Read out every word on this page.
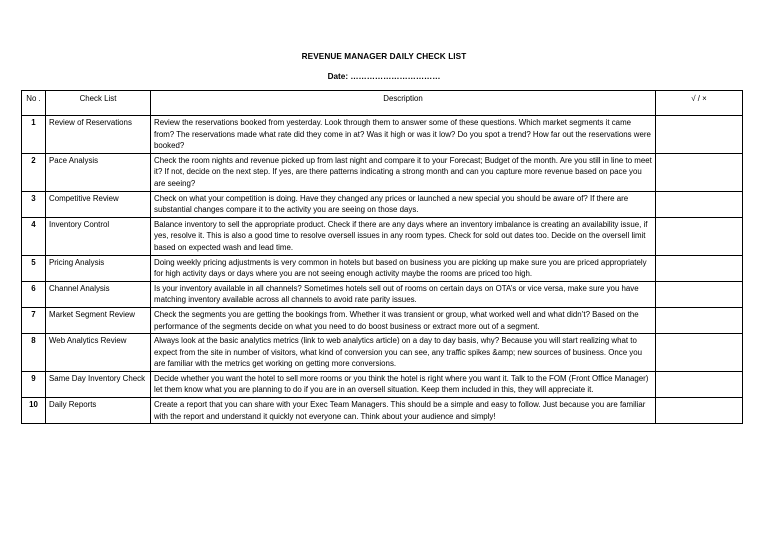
REVENUE MANAGER DAILY CHECK LIST
Date: ……………………………
No .	Check List	Description	√ / ×
1	Review of Reservations	Review the reservations booked from yesterday. Look through them to answer some of these questions. Which market segments it came from? The reservations made what rate did they come in at? Was it high or was it low? Do you spot a trend? How far out the reservations were booked?	
2	Pace Analysis	Check the room nights and revenue picked up from last night and compare it to your Forecast; Budget of the month. Are you still in line to meet it? If not, decide on the next step. If yes, are there patterns indicating a strong month and can you capture more revenue based on pace you are seeing?	
3	Competitive Review	Check on what your competition is doing. Have they changed any prices or launched a new special you should be aware of? If there are substantial changes compare it to the activity you are seeing on those days.	
4	Inventory Control	Balance inventory to sell the appropriate product. Check if there are any days where an inventory imbalance is creating an availability issue, if yes, resolve it. This is also a good time to resolve oversell issues in any room types. Check for sold out dates too. Decide on the oversell limit based on expected wash and lead time.	
5	Pricing Analysis	Doing weekly pricing adjustments is very common in hotels but based on business you are picking up make sure you are priced appropriately for high activity days or days where you are not seeing enough activity maybe the rooms are priced too high.	
6	Channel Analysis	Is your inventory available in all channels? Sometimes hotels sell out of rooms on certain days on OTA’s or vice versa, make sure you have matching inventory available across all channels to avoid rate parity issues.	
7	Market Segment Review	Check the segments you are getting the bookings from. Whether it was transient or group, what worked well and what didn’t? Based on the performance of the segments decide on what you need to do boost business or extract more out of a segment.	
8	Web Analytics Review	Always look at the basic analytics metrics (link to web analytics article) on a day to day basis, why? Because you will start realizing what to expect from the site in number of visitors, what kind of conversion you can see, any traffic spikes &amp; new sources of business. Once you are familiar with the metrics get working on getting more conversions.	
9	Same Day Inventory Check	Decide whether you want the hotel to sell more rooms or you think the hotel is right where you want it. Talk to the FOM (Front Office Manager) let them know what you are planning to do if you are in an oversell situation. Keep them included in this, they will appreciate it.	
10	Daily Reports	Create a report that you can share with your Exec Team Managers. This should be a simple and easy to follow. Just because you are familiar with the report and understand it quickly not everyone can. Think about your audience and simply!	
